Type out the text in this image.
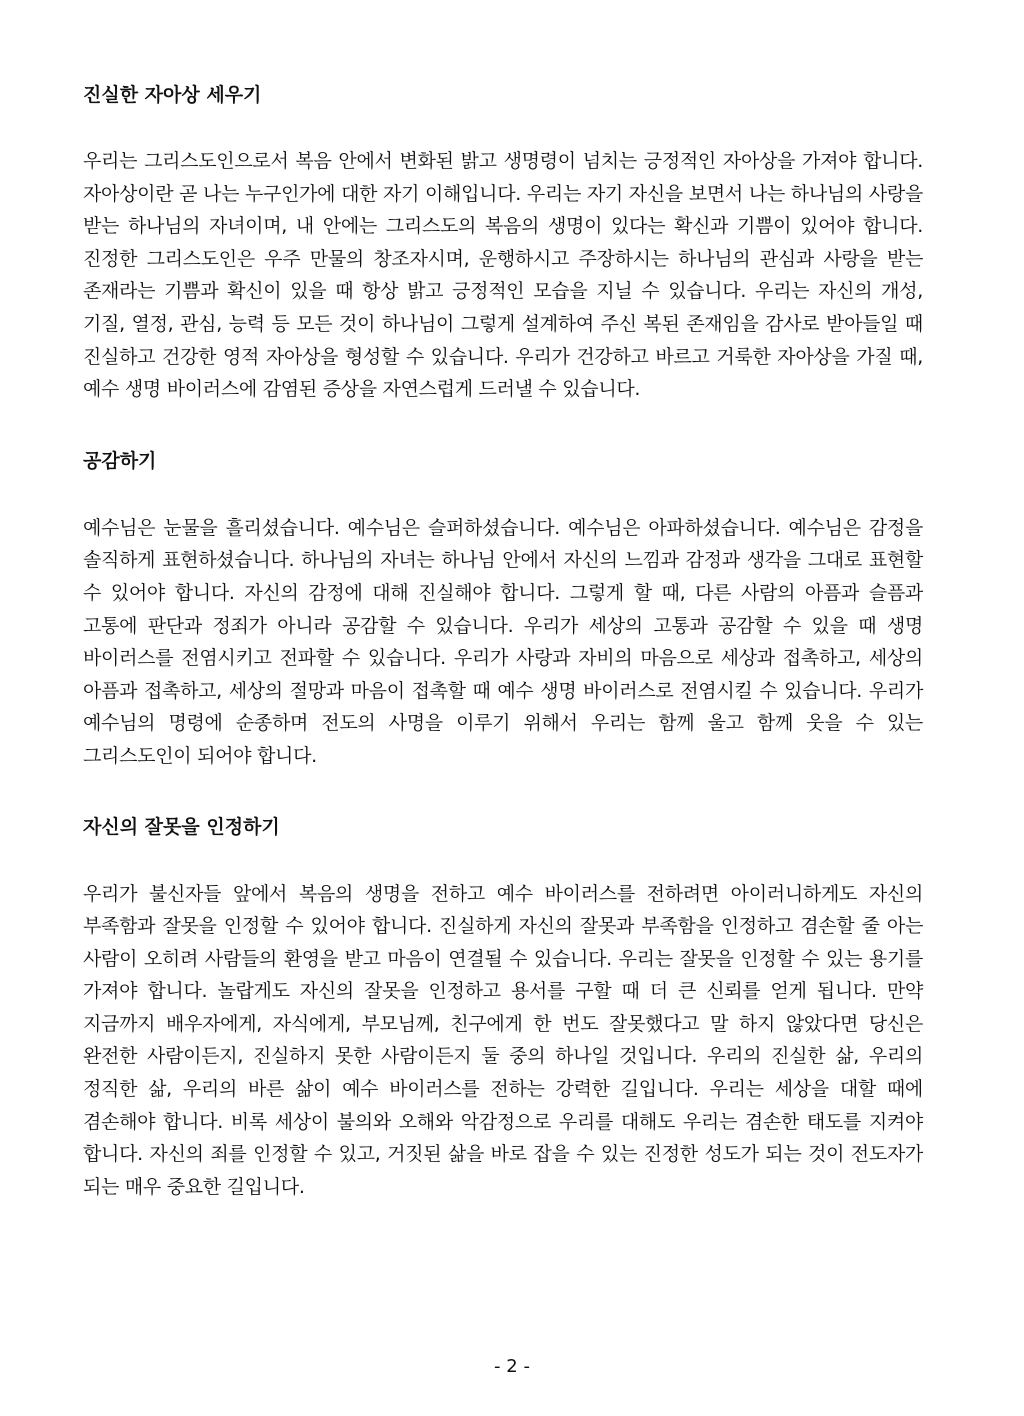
진실한 자아상 세우기

우리는 그리스도인으로서 복음 안에서 변화된 밝고 생명령이 넘치는 긍정적인 자아상을 가져야 합니다. 자아상이란 곧 나는 누구인가에 대한 자기 이해입니다. 우리는 자기 자신을 보면서 나는 하나님의 사랑을 받는 하나님의 자녀이며, 내 안에는 그리스도의 복음의 생명이 있다는 확신과 기쁨이 있어야 합니다. 진정한 그리스도인은 우주 만물의 창조자시며, 운행하시고 주장하시는 하나님의 관심과 사랑을 받는 존재라는 기쁨과 확신이 있을 때 항상 밝고 긍정적인 모습을 지닐 수 있습니다. 우리는 자신의 개성, 기질, 열정, 관심, 능력 등 모든 것이 하나님이 그렇게 설계하여 주신 복된 존재임을 감사로 받아들일 때 진실하고 건강한 영적 자아상을 형성할 수 있습니다. 우리가 건강하고 바르고 거룩한 자아상을 가질 때, 예수 생명 바이러스에 감염된 증상을 자연스럽게 드러낼 수 있습니다.

공감하기

예수님은 눈물을 흘리셨습니다. 예수님은 슬퍼하셨습니다. 예수님은 아파하셨습니다. 예수님은 감정을 솔직하게 표현하셨습니다. 하나님의 자녀는 하나님 안에서 자신의 느낌과 감정과 생각을 그대로 표현할 수 있어야 합니다. 자신의 감정에 대해 진실해야 합니다. 그렇게 할 때, 다른 사람의 아픔과 슬픔과 고통에 판단과 정죄가 아니라 공감할 수 있습니다. 우리가 세상의 고통과 공감할 수 있을 때 생명 바이러스를 전염시키고 전파할 수 있습니다. 우리가 사랑과 자비의 마음으로 세상과 접촉하고, 세상의 아픔과 접촉하고, 세상의 절망과 마음이 접촉할 때 예수 생명 바이러스로 전염시킬 수 있습니다. 우리가 예수님의 명령에 순종하며 전도의 사명을 이루기 위해서 우리는 함께 울고 함께 웃을 수 있는 그리스도인이 되어야 합니다.

자신의 잘못을 인정하기

우리가 불신자들 앞에서 복음의 생명을 전하고 예수 바이러스를 전하려면 아이러니하게도 자신의 부족함과 잘못을 인정할 수 있어야 합니다. 진실하게 자신의 잘못과 부족함을 인정하고 겸손할 줄 아는 사람이 오히려 사람들의 환영을 받고 마음이 연결될 수 있습니다. 우리는 잘못을 인정할 수 있는 용기를 가져야 합니다. 놀랍게도 자신의 잘못을 인정하고 용서를 구할 때 더 큰 신뢰를 얻게 됩니다. 만약 지금까지 배우자에게, 자식에게, 부모님께, 친구에게 한 번도 잘못했다고 말 하지 않았다면 당신은 완전한 사람이든지, 진실하지 못한 사람이든지 둘 중의 하나일 것입니다. 우리의 진실한 삶, 우리의 정직한 삶, 우리의 바른 삶이 예수 바이러스를 전하는 강력한 길입니다. 우리는 세상을 대할 때에 겸손해야 합니다. 비록 세상이 불의와 오해와 악감정으로 우리를 대해도 우리는 겸손한 태도를 지켜야 합니다. 자신의 죄를 인정할 수 있고, 거짓된 삶을 바로 잡을 수 있는 진정한 성도가 되는 것이 전도자가 되는 매우 중요한 길입니다.

- 2 -
